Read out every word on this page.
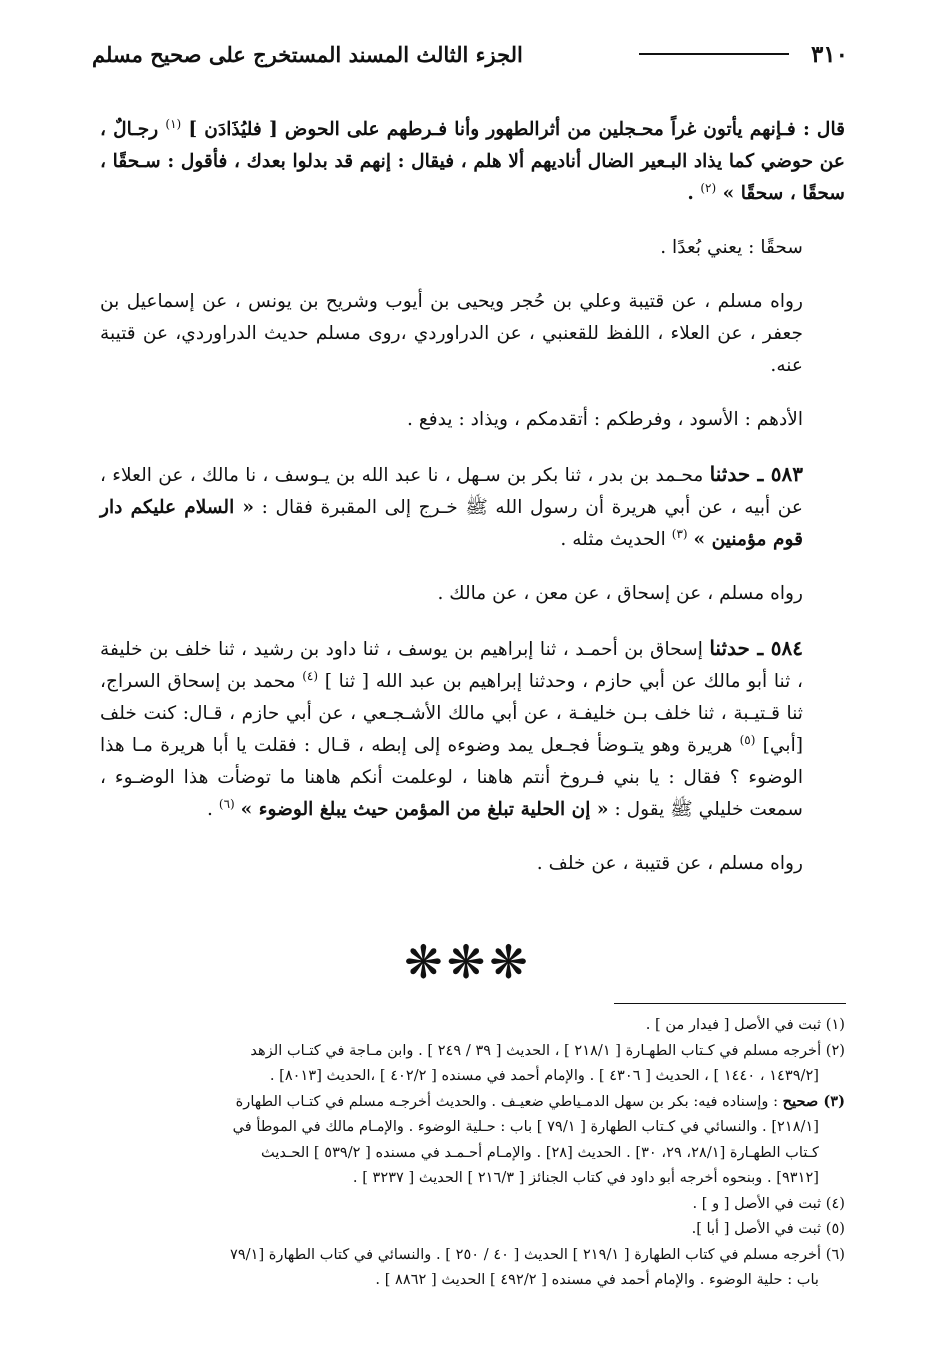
٣١٠
الجزء الثالث المسند المستخرج على صحيح مسلم

قال : فـإنهم يأتون غراً محـجلين من أثرالطهور وأنا فـرطهم على الحوض [ فليُذَادَن ] $^{(١)}$ رجـالٌ ، عن حوضي كما يذاد البـعير الضال أناديهم ألا هلم ، فيقال : إنهم قد بدلوا بعدك ، فأقول : سـحقًا ، سحقًا ، سحقًا » $^{(٢)}$ .

سحقًا : يعني بُعدًا .

رواه مسلم ، عن قتيبة وعلي بن حُجر ويحيى بن أيوب وشريح بن يونس ، عن إسماعيل بن جعفر ، عن العلاء ، اللفظ للقعنبي ، عن الدراوردي ،روى مسلم حديث الدراوردي، عن قتيبة عنه.

الأدهم : الأسود ، وفرطكم : أتقدمكم ، ويذاد : يدفع .

٥٨٣ ـ حدثنا محـمد بن بدر ، ثنا بكر بن سـهل ، نا عبد الله بن يـوسف ، نا مالك ، عن العلاء ، عن أبيه ، عن أبي هريرة أن رسول الله ﷺ خـرج إلى المقبرة فقال : « السلام عليكم دار قوم مؤمنين » $^{(٣)}$ الحديث مثله .

رواه مسلم ، عن إسحاق ، عن معن ، عن مالك .

٥٨٤ ـ حدثنا إسحاق بن أحمـد ، ثنا إبراهيم بن يوسف ، ثنا داود بن رشيد ، ثنا خلف بن خليفة ، ثنا أبو مالك عن أبي حازم ، وحدثنا إبراهيم بن عبد الله [ ثنا ] $^{(٤)}$ محمد بن إسحاق السراج، ثنا قـتيـبة ، ثنا خلف بـن خليفـة ، عن أبي مالك الأشـجـعي ، عن أبي حازم ، قـال: كنت خلف [أبي] $^{(٥)}$ هريرة وهو يتـوضأ فجـعل يمد وضوءه إلى إبطه ، قـال : فقلت يا أبا هريرة مـا هذا الوضوء ؟ فقال : يا بني فـروخ أنتم هاهنا ، لوعلمت أنكم هاهنا ما توضأت هذا الوضـوء ، سمعت خليلي ﷺ يقول : « إن الحلية تبلغ من المؤمن حيث يبلغ الوضوء » $^{(٦)}$ .

رواه مسلم ، عن قتيبة ، عن خلف .

❋❋❋

(١) ثبت في الأصل [ فيدار من ] .

(٢) أخرجه مسلم في كـتاب الطهـارة [ ٢١٨/١ ] ، الحديث [ ٣٩ / ٢٤٩ ] . وابن مـاجة في كتـاب الزهد

[١٤٣٩/٢ ، ١٤٤٠ ] ، الحديث [ ٤٣٠٦ ] . والإمام أحمد في مسنده [ ٤٠٢/٢ ] ،الحديث [٨٠١٣] .

(٣) صحيح : وإسناده فيه: بكر بن سهل الدمـياطي ضعيـف . والحديث أخرجـه مسلم في كتـاب الطهارة

[٢١٨/١] . والنسائي في كـتاب الطهارة [ ٧٩/١ ] باب : حـلية الوضوء . والإمـام مالك في الموطأ في

كـتاب الطهـارة [٢٨/١، ٢٩، ٣٠] . الحديث [٢٨] . والإمـام أحـمـد في مسنده [ ٥٣٩/٢ ] الحـديث

[٩٣١٢] . وبنحوه أخرجه أبو داود في كتاب الجنائز [ ٢١٦/٣ ] الحديث [ ٣٢٣٧ ] .

(٤) ثبت في الأصل [ و ] .

(٥) ثبت في الأصل [ أبا ].

(٦) أخرجه مسلم في كتاب الطهارة [ ٢١٩/١ ] الحديث [ ٤٠ / ٢٥٠ ] . والنسائي في كتاب الطهارة [٧٩/١

باب : حلية الوضوء . والإمام أحمد في مسنده [ ٤٩٢/٢ ] الحديث [ ٨٨٦٢ ] .
